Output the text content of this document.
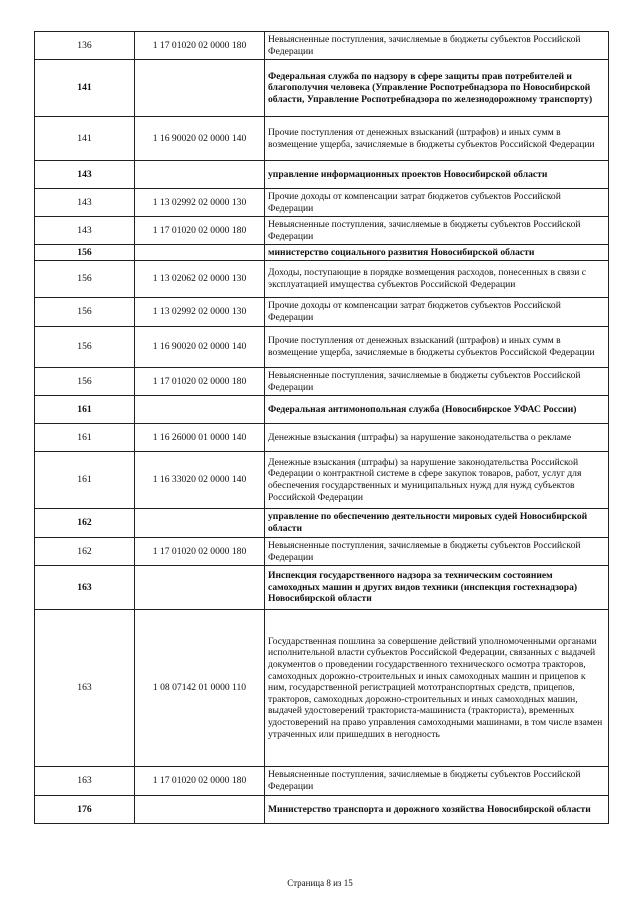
136	1 17 01020 02 0000 180	Невыясненные поступления, зачисляемые в бюджеты субъектов Российской Федерации
141		Федеральная служба по надзору в сфере защиты прав потребителей и благополучия человека (Управление Роспотребнадзора по Новосибирской области, Управление Роспотребнадзора по железнодорожному транспорту)
141	1 16 90020 02 0000 140	Прочие поступления от денежных взысканий (штрафов) и иных сумм в возмещение ущерба, зачисляемые в бюджеты субъектов Российской Федерации
143		управление информационных проектов Новосибирской области
143	1 13 02992 02 0000 130	Прочие доходы от компенсации затрат бюджетов субъектов Российской Федерации
143	1 17 01020 02 0000 180	Невыясненные поступления, зачисляемые в бюджеты субъектов Российской Федерации
156		министерство социального развития Новосибирской области
156	1 13 02062 02 0000 130	Доходы, поступающие в порядке возмещения расходов, понесенных в связи с эксплуатацией имущества субъектов Российской Федерации
156	1 13 02992 02 0000 130	Прочие доходы от компенсации затрат бюджетов субъектов Российской Федерации
156	1 16 90020 02 0000 140	Прочие поступления от денежных взысканий (штрафов) и иных сумм в возмещение ущерба, зачисляемые в бюджеты субъектов Российской Федерации
156	1 17 01020 02 0000 180	Невыясненные поступления, зачисляемые в бюджеты субъектов Российской Федерации
161		Федеральная антимонопольная служба (Новосибирское УФАС России)
161	1 16 26000 01 0000 140	Денежные взыскания (штрафы) за нарушение законодательства о рекламе
161	1 16 33020 02 0000 140	Денежные взыскания (штрафы) за нарушение законодательства Российской Федерации о контрактной системе в сфере закупок товаров, работ, услуг для обеспечения государственных и муниципальных нужд для нужд субъектов Российской Федерации
162		управление по обеспечению деятельности мировых судей Новосибирской области
162	1 17 01020 02 0000 180	Невыясненные поступления, зачисляемые в бюджеты субъектов Российской Федерации
163		Инспекция государственного надзора за техническим состоянием самоходных машин и других видов техники (инспекция гостехнадзора) Новосибирской области
163	1 08 07142 01 0000 110	Государственная пошлина за совершение действий уполномоченными органами исполнительной власти субъектов Российской Федерации, связанных с выдачей документов о проведении государственного технического осмотра тракторов, самоходных дорожно-строительных и иных самоходных машин и прицепов к ним, государственной регистрацией мототранспортных средств, прицепов, тракторов, самоходных дорожно-строительных и иных самоходных машин, выдачей удостоверений тракториста-машиниста (тракториста), временных удостоверений на право управления самоходными машинами, в том числе взамен утраченных или пришедших в негодность
163	1 17 01020 02 0000 180	Невыясненные поступления, зачисляемые в бюджеты субъектов Российской Федерации
176		Министерство транспорта и дорожного хозяйства Новосибирской области
Страница 8 из 15
